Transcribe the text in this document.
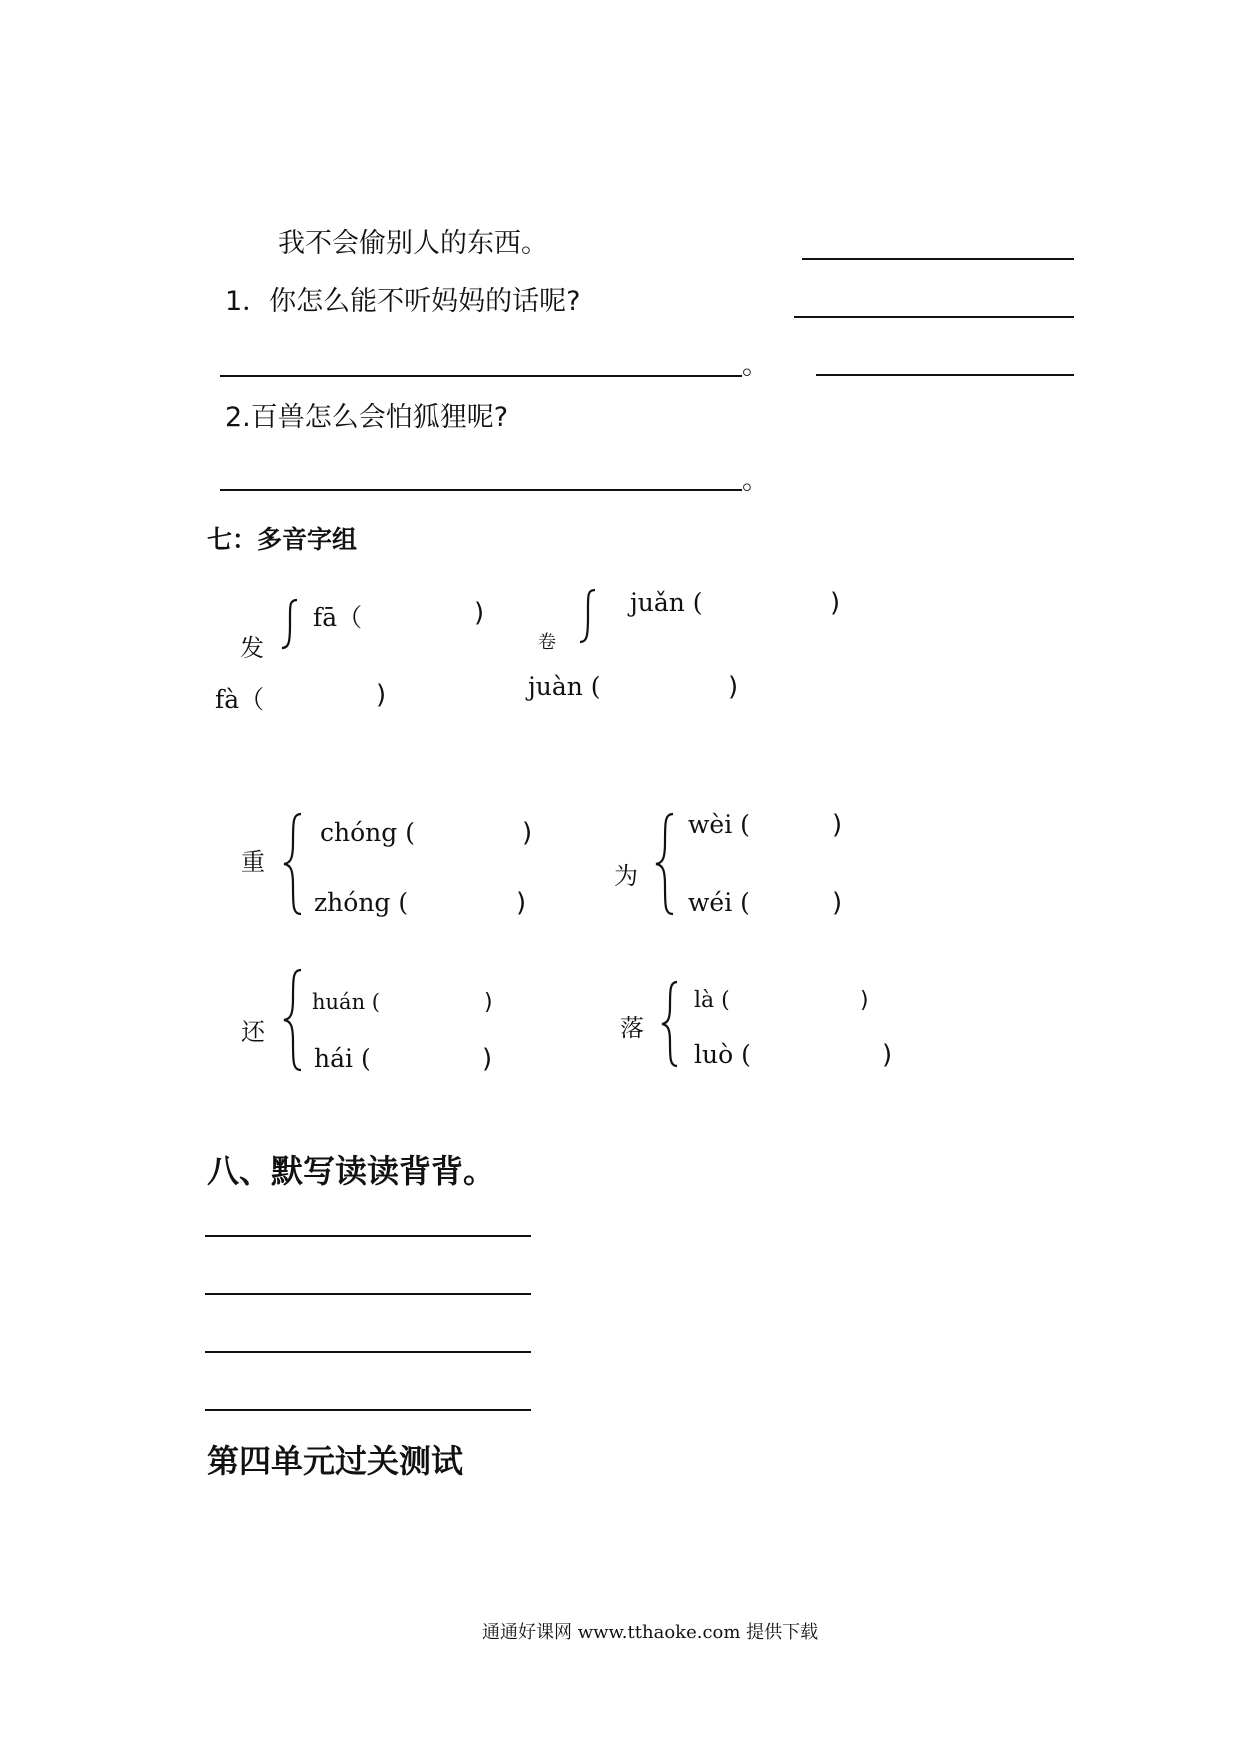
我不会偷别人的东西。
1．你怎么能不听妈妈的话呢?
。
2.百兽怎么会怕狐狸呢?
。
七：多音字组
发
fā（	)
fà（	)
卷
juǎn (	)
juàn (	)
重
chóng (	)
zhóng (	)
为
wèi (	)
wéi (	)
还
huán (	)
hái (	)
落
là (	)
luò (	)
八、默写读读背背。
第四单元过关测试
通通好课网 www.tthaoke.com 提供下载
